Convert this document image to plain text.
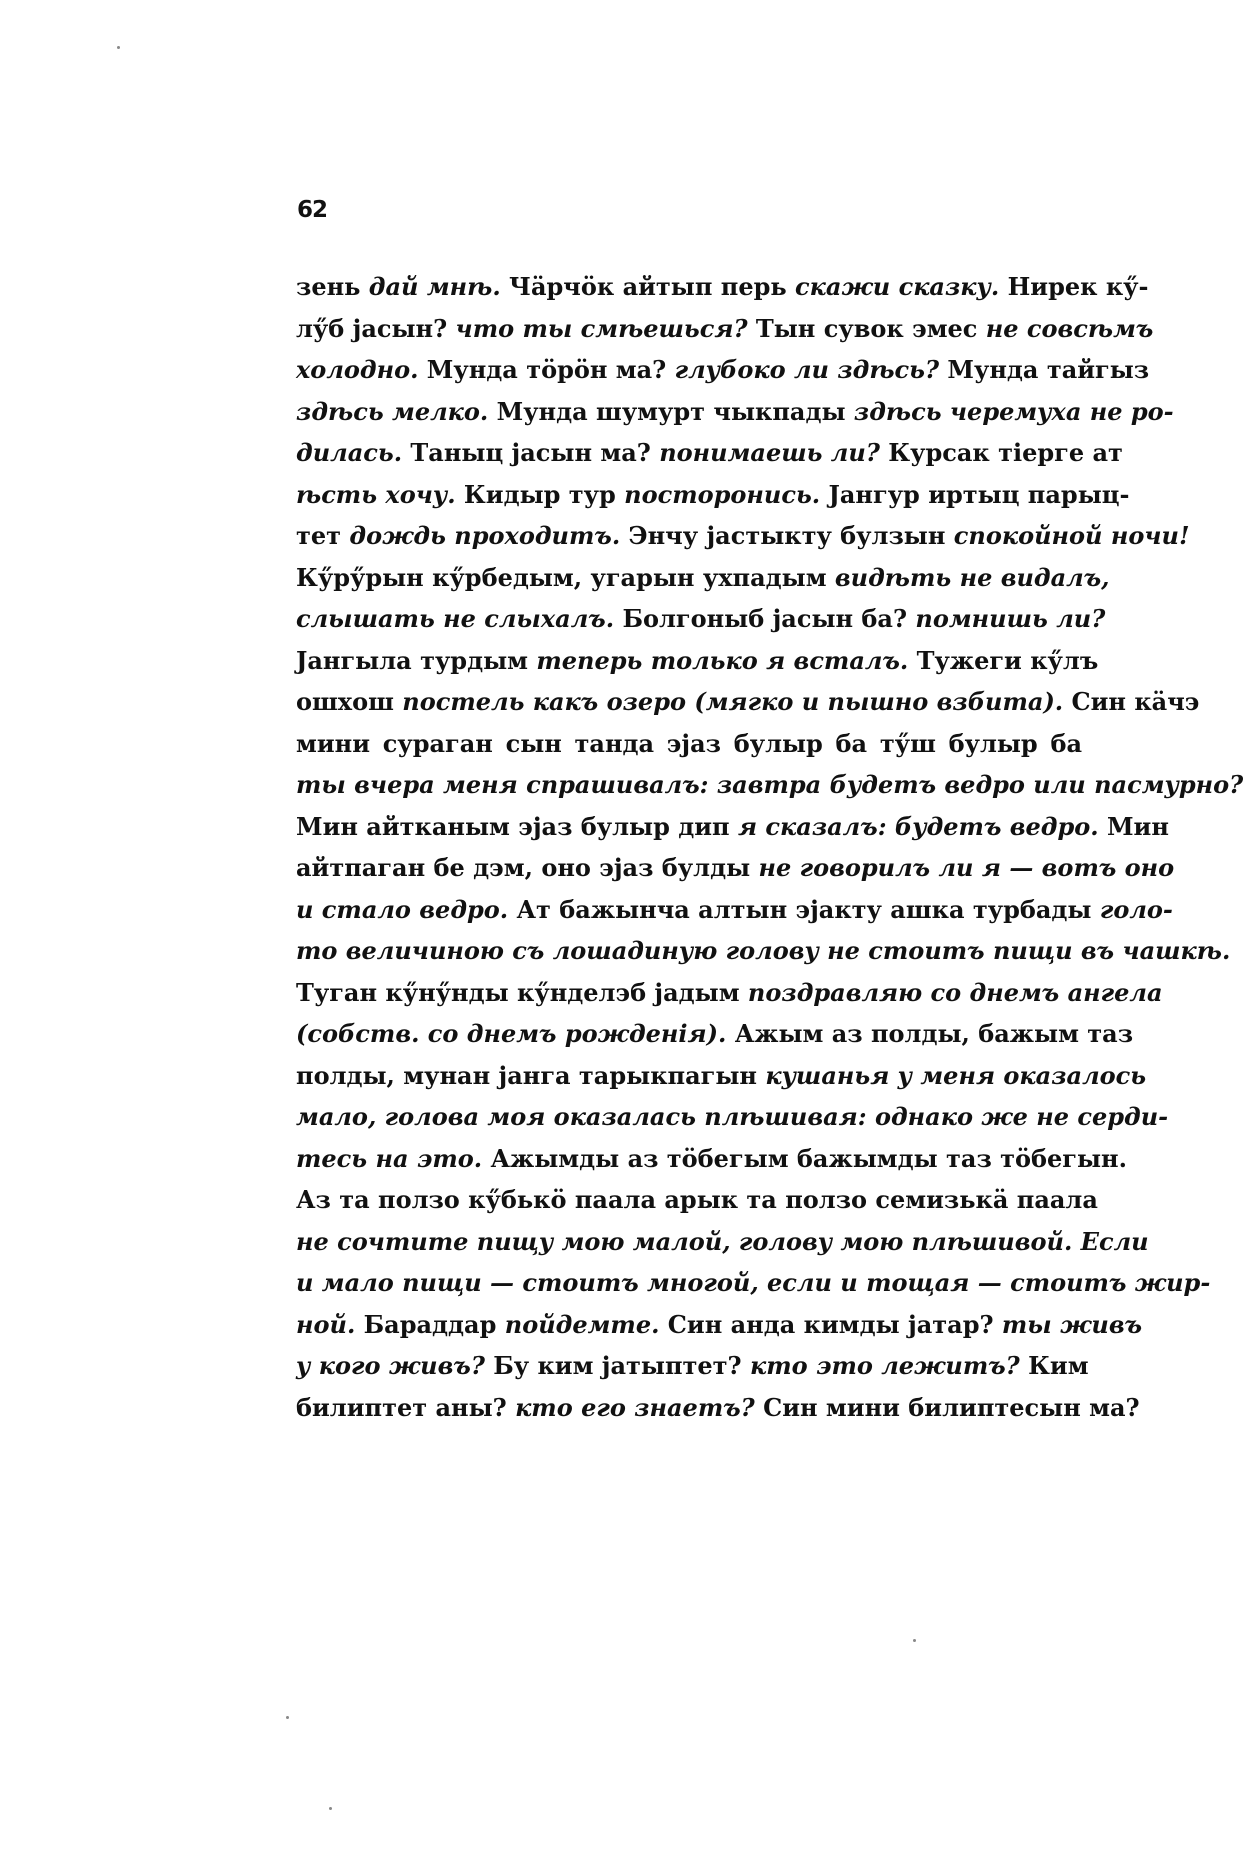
62
зень дай мнѣ. Чäрчöк айтып перь скажи сказку. Нирек кӳ-
лӳб jасын? что ты смѣешься? Тын сувок эмес не совсѣмъ
холодно. Мунда тöрöн ма? глубоко ли здѣсь? Мунда тайгыз
здѣсь мелко. Мунда шумурт чыкпады здѣсь черемуха не ро-
дилась. Таныц jасын ма? понимаешь ли? Курсак тiерге ат
ѣсть хочу. Кидыр тур посторонись. Jангур иртыц парыц-
тет дождь проходитъ. Энчу jастыкту булзын спокойной ночи!
Кӳрӳрын кӳрбедым, угарын ухпадым видѣть не видалъ,
слышать не слыхалъ. Болгоныб jасын ба? помнишь ли?
Jангыла турдым теперь только я всталъ. Тужеги кӳлъ
ошхош постель какъ озеро (мягко и пышно взбита). Син кäчэ
мини сураган сын танда эjаз булыр ба тӳш булыр ба
ты вчера меня спрашивалъ: завтра будетъ ведро или пасмурно?
Мин айтканым эjаз булыр дип я сказалъ: будетъ ведро. Мин
айтпаган бе дэм, оно эjаз булды не говорилъ ли я — вотъ оно
и стало ведро. Ат бажынча алтын эjакту ашка турбады голо-
то величиною съ лошадиную голову не стоитъ пищи въ чашкѣ.
Туган кӳнӳнды кӳнделэб jадым поздравляю со днемъ ангела
(собств. со днемъ рожденія). Ажым аз полды, бажым таз
полды, мунан jанга тарыкпагын кушанья у меня оказалось
мало, голова моя оказалась плѣшивая: однако же не серди-
тесь на это. Ажымды аз тöбегым бажымды таз тöбегын.
Аз та ползо кӳбькö паала арык та ползо семизькä паала
не сочтите пищу мою малой, голову мою плѣшивой. Если
и мало пищи — стоитъ многой, если и тощая — стоитъ жир-
ной. Бараддар пойдемте. Син анда кимды jатар? ты живъ
у кого живъ? Бу ким jатыптет? кто это лежитъ? Ким
билиптет аны? кто его знаетъ? Син мини билиптесын ма?
